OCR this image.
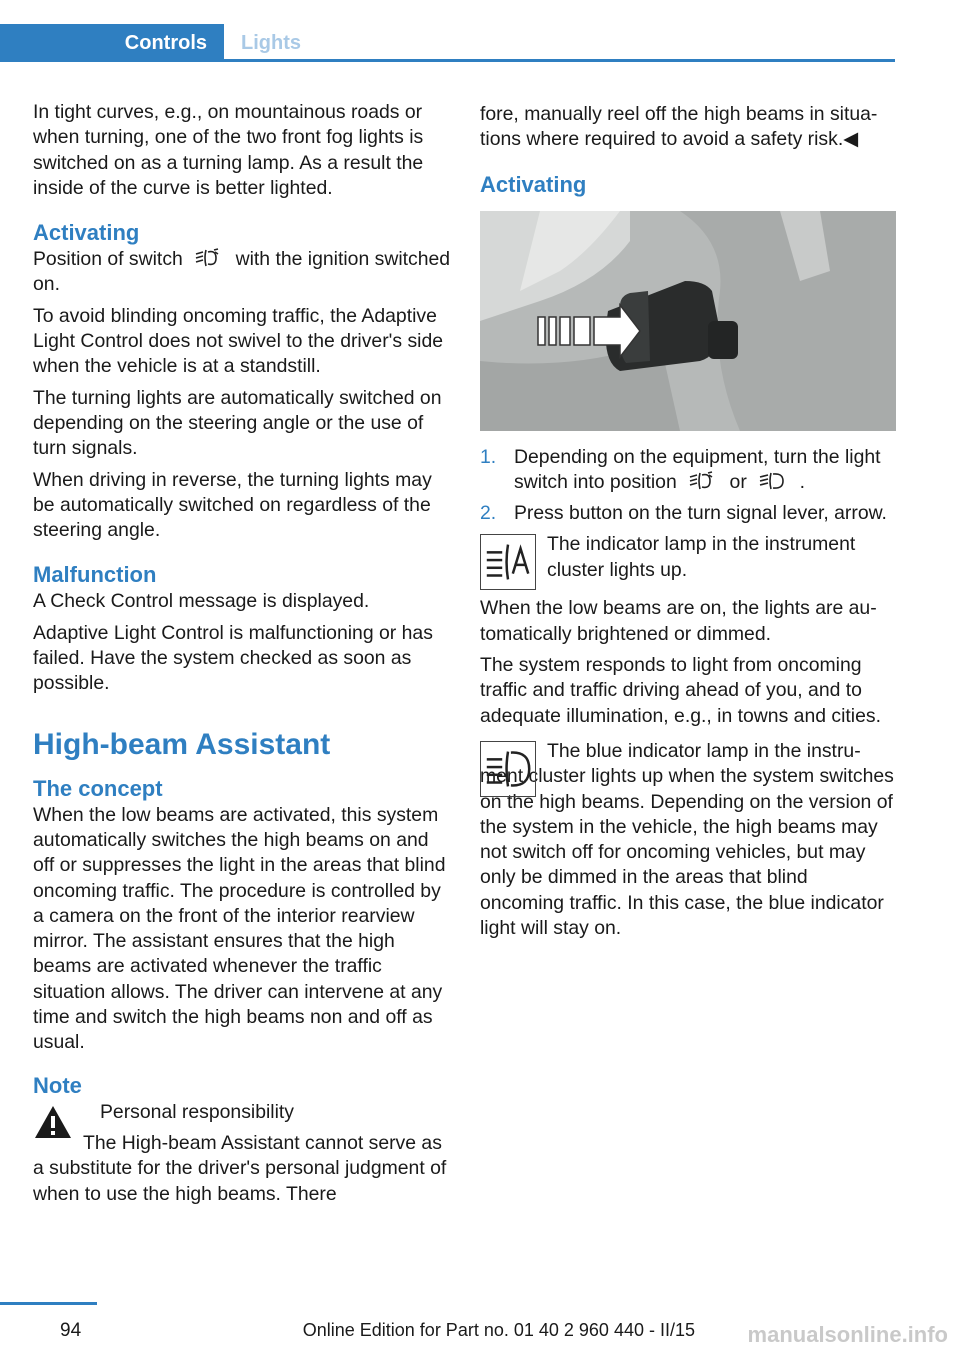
Controls	Lights

In tight curves, e.g., on mountainous roads or when turning, one of the two front fog lights is switched on as a turning lamp. As a result the inside of the curve is better lighted.

Activating

Position of switch	with the ignition switched on.

To avoid blinding oncoming traffic, the Adaptive Light Control does not swivel to the driver's side when the vehicle is at a standstill.

The turning lights are automatically switched on depending on the steering angle or the use of turn signals.

When driving in reverse, the turning lights may be automatically switched on regardless of the steering angle.

Malfunction

A Check Control message is displayed.

Adaptive Light Control is malfunctioning or has failed. Have the system checked as soon as possible.

High-beam Assistant
The concept

When the low beams are activated, this system automatically switches the high beams on and off or suppresses the light in the areas that blind oncoming traffic. The procedure is controlled by a camera on the front of the interior rearview mirror. The assistant ensures that the high beams are activated whenever the traffic situation allows. The driver can intervene at any time and switch the high beams non and off as usual.

Note

Personal responsibility

The High-beam Assistant cannot serve as a substitute for the driver's personal judgment of when to use the high beams. There

fore, manually reel off the high beams in situations where required to avoid a safety risk.◀

Activating
1. Depending on the equipment, turn the light switch into position	or	.
2. Press button on the turn signal lever, arrow.

The indicator lamp in the instrument cluster lights up.

When the low beams are on, the lights are automatically brightened or dimmed.

The system responds to light from oncoming traffic and traffic driving ahead of you, and to adequate illumination, e.g., in towns and cities.

The blue indicator lamp in the instrument cluster lights up when the system switches on the high beams. Depending on the version of the system in the vehicle, the high beams may not switch off for oncoming vehicles, but may only be dimmed in the areas that blind oncoming traffic. In this case, the blue indicator light will stay on.

94	Online Edition for Part no. 01 40 2 960 440 - II/15 manualsonline.info
